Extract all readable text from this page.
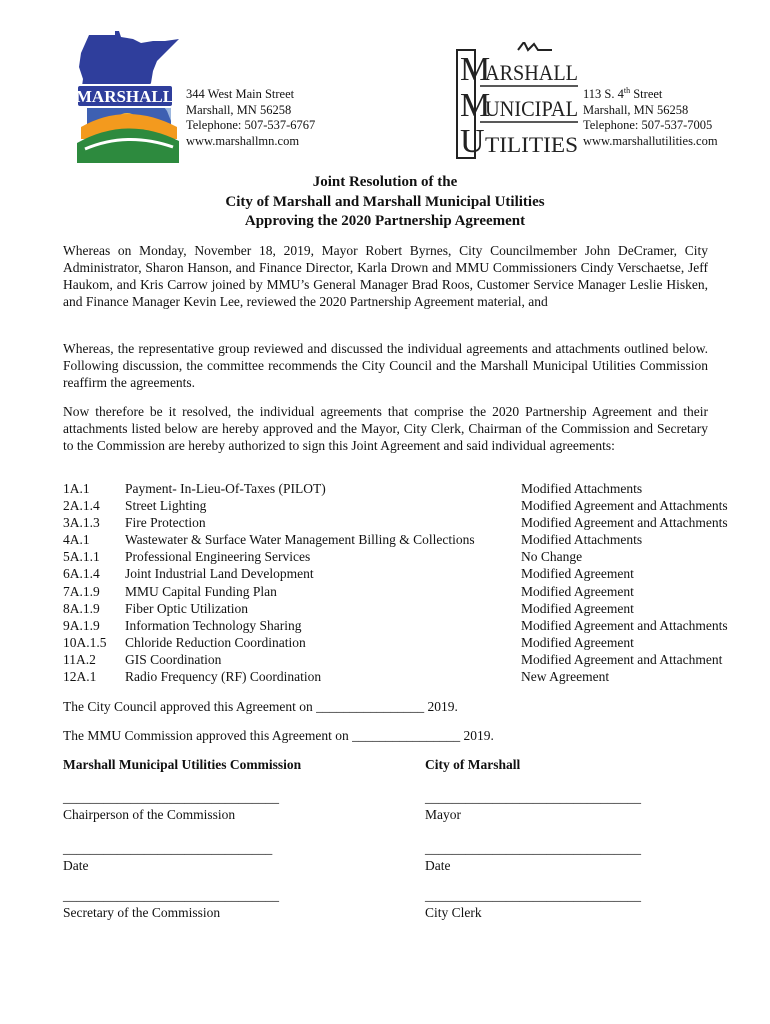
MARSHALL 344 West Main Street
Marshall, MN 56258
Telephone: 507-537-6767
www.marshallmn.com
M
M
U
ARSHALL
UNICIPAL
TILITIES
113 S. 4th Street
Marshall, MN 56258
Telephone: 507-537-7005
www.marshallutilities.com
Joint Resolution of the
City of Marshall and Marshall Municipal Utilities
Approving the 2020 Partnership Agreement

Whereas on Monday, November 18, 2019, Mayor Robert Byrnes, City Councilmember John DeCramer, City Administrator, Sharon Hanson, and Finance Director, Karla Drown and MMU Commissioners Cindy Verschaetse, Jeff Haukom, and Kris Carrow joined by MMU’s General Manager Brad Roos, Customer Service Manager Leslie Hisken, and Finance Manager Kevin Lee, reviewed the 2020 Partnership Agreement material, and

Whereas, the representative group reviewed and discussed the individual agreements and attachments outlined below. Following discussion, the committee recommends the City Council and the Marshall Municipal Utilities Commission reaffirm the agreements.

Now therefore be it resolved, the individual agreements that comprise the 2020 Partnership Agreement and their attachments listed below are hereby approved and the Mayor, City Clerk, Chairman of the Commission and Secretary to the Commission are hereby authorized to sign this Joint Agreement and said individual agreements:

1A.1	Payment- In-Lieu-Of-Taxes (PILOT)	Modified Attachments
2A.1.4	Street Lighting	Modified Agreement and Attachments
3A.1.3	Fire Protection	Modified Agreement and Attachments
4A.1	Wastewater & Surface Water Management Billing & Collections	Modified Attachments
5A.1.1	Professional Engineering Services	No Change
6A.1.4	Joint Industrial Land Development	Modified Agreement
7A.1.9	MMU Capital Funding Plan	Modified Agreement
8A.1.9	Fiber Optic Utilization	Modified Agreement
9A.1.9	Information Technology Sharing	Modified Agreement and Attachments
10A.1.5	Chloride Reduction Coordination	Modified Agreement
11A.2	GIS Coordination	Modified Agreement and Attachment
12A.1	Radio Frequency (RF) Coordination	New Agreement
The City Council approved this Agreement on ________________ 2019.
The MMU Commission approved this Agreement on ________________ 2019.
Marshall Municipal Utilities Commission	City of Marshall
________________________________
Chairperson of the Commission
________________________________
Mayor
_______________________________
Date
________________________________
Date
________________________________
Secretary of the Commission
________________________________
City Clerk
